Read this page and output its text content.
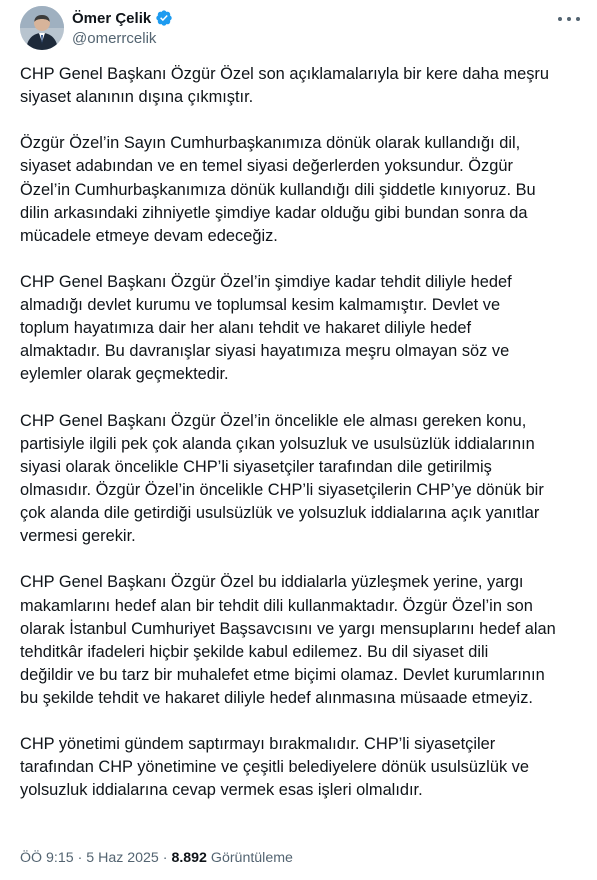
Ömer Çelik
@omerrcelik

CHP Genel Başkanı Özgür Özel son açıklamalarıyla bir kere daha meşru
siyaset alanının dışına çıkmıştır.

Özgür Özel’in Sayın Cumhurbaşkanımıza dönük olarak kullandığı dil,
siyaset adabından ve en temel siyasi değerlerden yoksundur. Özgür
Özel’in Cumhurbaşkanımıza dönük kullandığı dili şiddetle kınıyoruz. Bu
dilin arkasındaki zihniyetle şimdiye kadar olduğu gibi bundan sonra da
mücadele etmeye devam edeceğiz.

CHP Genel Başkanı Özgür Özel’in şimdiye kadar tehdit diliyle hedef
almadığı devlet kurumu ve toplumsal kesim kalmamıştır. Devlet ve
toplum hayatımıza dair her alanı tehdit ve hakaret diliyle hedef
almaktadır. Bu davranışlar siyasi hayatımıza meşru olmayan söz ve
eylemler olarak geçmektedir.

CHP Genel Başkanı Özgür Özel’in öncelikle ele alması gereken konu,
partisiyle ilgili pek çok alanda çıkan yolsuzluk ve usulsüzlük iddialarının
siyasi olarak öncelikle CHP’li siyasetçiler tarafından dile getirilmiş
olmasıdır. Özgür Özel’in öncelikle CHP’li siyasetçilerin CHP’ye dönük bir
çok alanda dile getirdiği usulsüzlük ve yolsuzluk iddialarına açık yanıtlar
vermesi gerekir.

CHP Genel Başkanı Özgür Özel bu iddialarla yüzleşmek yerine, yargı
makamlarını hedef alan bir tehdit dili kullanmaktadır. Özgür Özel’in son
olarak İstanbul Cumhuriyet Başsavcısını ve yargı mensuplarını hedef alan
tehditkâr ifadeleri hiçbir şekilde kabul edilemez. Bu dil siyaset dili
değildir ve bu tarz bir muhalefet etme biçimi olamaz. Devlet kurumlarının
bu şekilde tehdit ve hakaret diliyle hedef alınmasına müsaade etmeyiz.

CHP yönetimi gündem saptırmayı bırakmalıdır. CHP’li siyasetçiler
tarafından CHP yönetimine ve çeşitli belediyelere dönük usulsüzlük ve
yolsuzluk iddialarına cevap vermek esas işleri olmalıdır.

ÖÖ 9:15 · 5 Haz 2025 · 8.892 Görüntüleme
